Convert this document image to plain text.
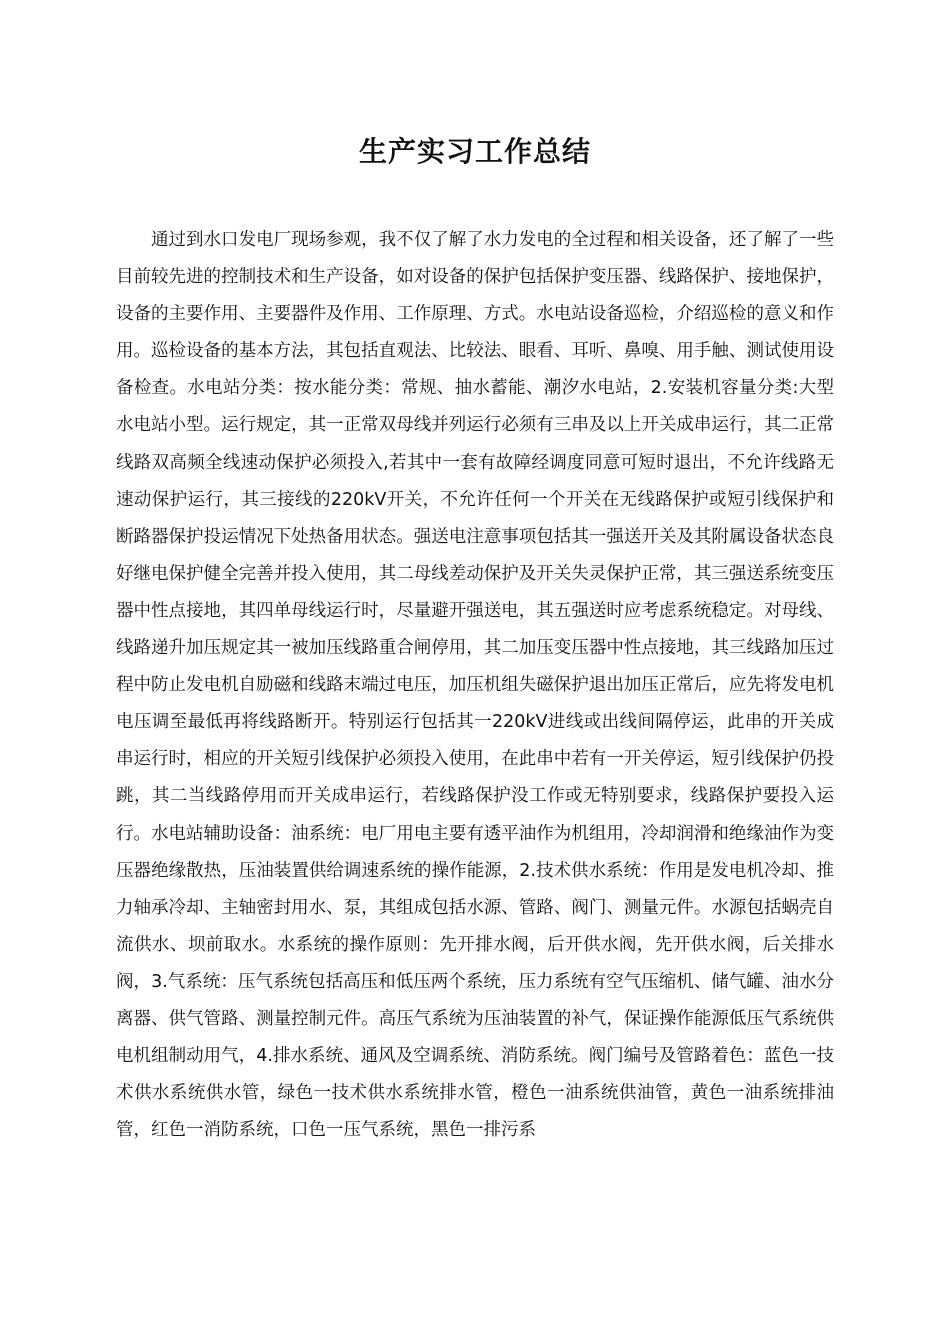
生产实习工作总结

通过到水口发电厂现场参观，我不仅了解了水力发电的全过程和相关设备，还了解了一些目前较先进的控制技术和生产设备，如对设备的保护包括保护变压器、线路保护、接地保护，设备的主要作用、主要器件及作用、工作原理、方式。水电站设备巡检，介绍巡检的意义和作用。巡检设备的基本方法，其包括直观法、比较法、眼看、耳听、鼻嗅、用手触、测试使用设备检查。水电站分类：按水能分类：常规、抽水蓄能、潮汐水电站，2.安装机容量分类:大型水电站小型。运行规定，其一正常双母线并列运行必须有三串及以上开关成串运行，其二正常线路双高频全线速动保护必须投入,若其中一套有故障经调度同意可短时退出，不允许线路无速动保护运行，其三接线的220kV开关，不允许任何一个开关在无线路保护或短引线保护和断路器保护投运情况下处热备用状态。强送电注意事项包括其一强送开关及其附属设备状态良好继电保护健全完善并投入使用，其二母线差动保护及开关失灵保护正常，其三强送系统变压器中性点接地，其四单母线运行时，尽量避开强送电，其五强送时应考虑系统稳定。对母线、线路递升加压规定其一被加压线路重合闸停用，其二加压变压器中性点接地，其三线路加压过程中防止发电机自励磁和线路末端过电压，加压机组失磁保护退出加压正常后，应先将发电机电压调至最低再将线路断开。特别运行包括其一220kV进线或出线间隔停运，此串的开关成串运行时，相应的开关短引线保护必须投入使用，在此串中若有一开关停运，短引线保护仍投跳，其二当线路停用而开关成串运行，若线路保护没工作或无特别要求，线路保护要投入运行。水电站辅助设备：油系统：电厂用电主要有透平油作为机组用，冷却润滑和绝缘油作为变压器绝缘散热，压油装置供给调速系统的操作能源，2.技术供水系统：作用是发电机冷却、推力轴承冷却、主轴密封用水、泵，其组成包括水源、管路、阀门、测量元件。水源包括蜗壳自流供水、坝前取水。水系统的操作原则：先开排水阀，后开供水阀，先开供水阀，后关排水阀，3.气系统：压气系统包括高压和低压两个系统，压力系统有空气压缩机、储气罐、油水分离器、供气管路、测量控制元件。高压气系统为压油装置的补气，保证操作能源低压气系统供电机组制动用气，4.排水系统、通风及空调系统、消防系统。阀门编号及管路着色：蓝色一技术供水系统供水管，绿色一技术供水系统排水管，橙色一油系统供油管，黄色一油系统排油管，红色一消防系统，口色一压气系统，黑色一排污系
